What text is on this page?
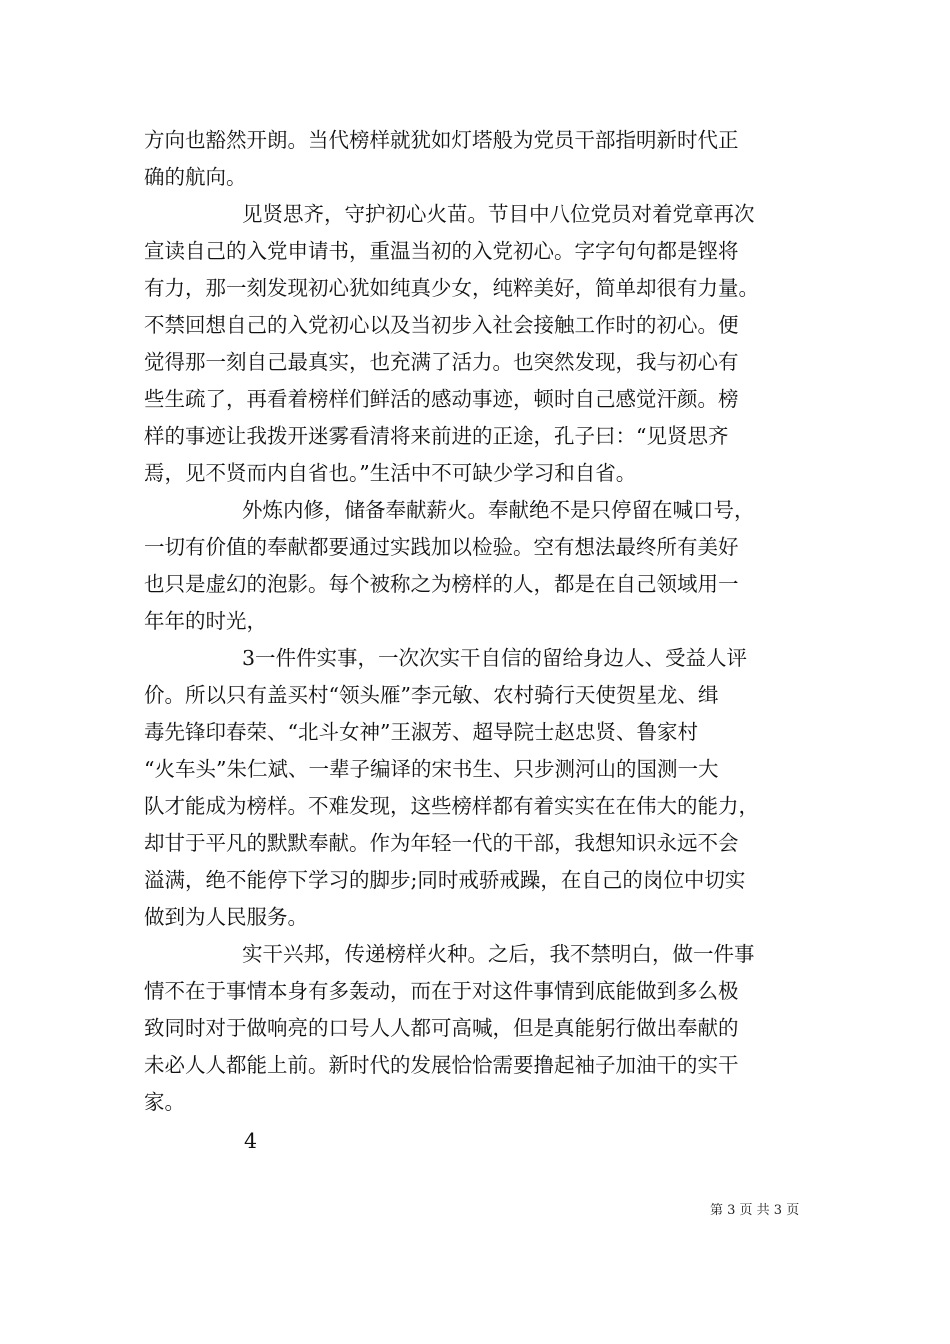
方向也豁然开朗。当代榜样就犹如灯塔般为党员干部指明新时代正
确的航向。
见贤思齐，守护初心火苗。节目中八位党员对着党章再次
宣读自己的入党申请书，重温当初的入党初心。字字句句都是铿将
有力，那一刻发现初心犹如纯真少女，纯粹美好，简单却很有力量。
不禁回想自己的入党初心以及当初步入社会接触工作时的初心。便
觉得那一刻自己最真实，也充满了活力。也突然发现，我与初心有
些生疏了，再看着榜样们鲜活的感动事迹，顿时自己感觉汗颜。榜
样的事迹让我拨开迷雾看清将来前进的正途，孔子曰：“见贤思齐
焉，见不贤而内自省也。”生活中不可缺少学习和自省。
外炼内修，储备奉献薪火。奉献绝不是只停留在喊口号，
一切有价值的奉献都要通过实践加以检验。空有想法最终所有美好
也只是虚幻的泡影。每个被称之为榜样的人，都是在自己领域用一
年年的时光，
3一件件实事，一次次实干自信的留给身边人、受益人评
价。所以只有盖买村“领头雁”李元敏、农村骑行天使贺星龙、缉
毒先锋印春荣、“北斗女神”王淑芳、超导院士赵忠贤、鲁家村
“火车头”朱仁斌、一辈子编译的宋书生、只步测河山的国测一大
队才能成为榜样。不难发现，这些榜样都有着实实在在伟大的能力，
却甘于平凡的默默奉献。作为年轻一代的干部，我想知识永远不会
溢满，绝不能停下学习的脚步;同时戒骄戒躁，在自己的岗位中切实
做到为人民服务。
实干兴邦，传递榜样火种。之后，我不禁明白，做一件事
情不在于事情本身有多轰动，而在于对这件事情到底能做到多么极
致同时对于做响亮的口号人人都可高喊，但是真能躬行做出奉献的
未必人人都能上前。新时代的发展恰恰需要撸起袖子加油干的实干
家。
4
第 3 页 共 3 页
